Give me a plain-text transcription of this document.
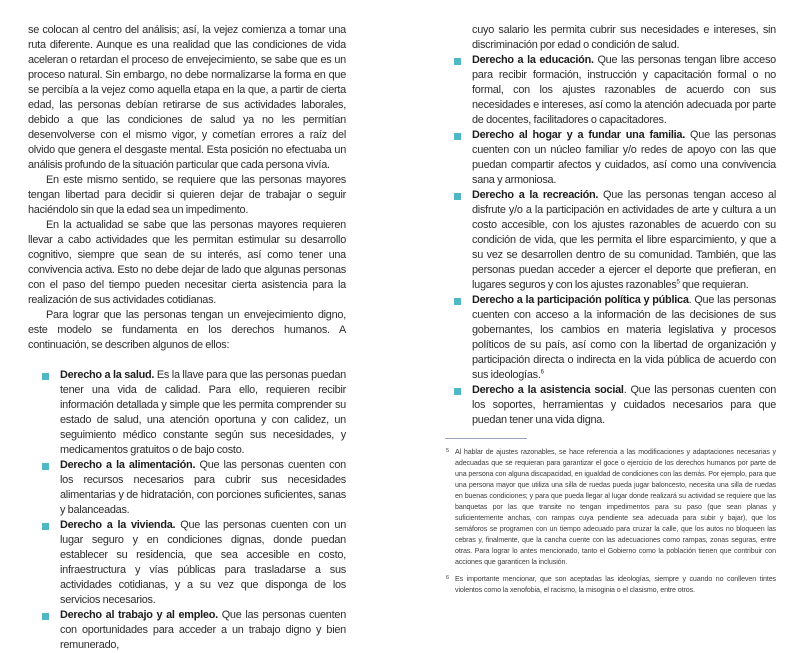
se colocan al centro del análisis; así, la vejez comienza a tomar una ruta diferente. Aunque es una realidad que las condiciones de vida aceleran o retardan el proceso de envejecimiento, se sabe que es un proceso natural. Sin embargo, no debe normalizarse la forma en que se percibía a la vejez como aquella etapa en la que, a partir de cierta edad, las personas debían retirarse de sus actividades laborales, debido a que las condiciones de salud ya no les permitían desenvolverse con el mismo vigor, y cometían errores a raíz del olvido que genera el desgaste mental. Esta posición no efectuaba un análisis profundo de la situación particular que cada persona vivía.

En este mismo sentido, se requiere que las personas mayores tengan libertad para decidir si quieren dejar de trabajar o seguir haciéndolo sin que la edad sea un impedimento.

En la actualidad se sabe que las personas mayores requieren llevar a cabo actividades que les permitan estimular su desarrollo cognitivo, siempre que sean de su interés, así como tener una convivencia activa. Esto no debe dejar de lado que algunas personas con el paso del tiempo pueden necesitar cierta asistencia para la realización de sus actividades cotidianas.

Para lograr que las personas tengan un envejecimiento digno, este modelo se fundamenta en los derechos humanos. A continuación, se describen algunos de ellos:

Derecho a la salud. Es la llave para que las personas puedan tener una vida de calidad. Para ello, requieren recibir información detallada y simple que les permita comprender su estado de salud, una atención oportuna y con calidez, un seguimiento médico constante según sus necesidades, y medicamentos gratuitos o de bajo costo.
Derecho a la alimentación. Que las personas cuenten con los recursos necesarios para cubrir sus necesidades alimentarias y de hidratación, con porciones suficientes, sanas y balanceadas.
Derecho a la vivienda. Que las personas cuenten con un lugar seguro y en condiciones dignas, donde puedan establecer su residencia, que sea accesible en costo, infraestructura y vías públicas para trasladarse a sus actividades cotidianas, y a su vez que disponga de los servicios necesarios.
Derecho al trabajo y al empleo. Que las personas cuenten con oportunidades para acceder a un trabajo digno y bien remunerado,

cuyo salario les permita cubrir sus necesidades e intereses, sin discriminación por edad o condición de salud.

Derecho a la educación. Que las personas tengan libre acceso para recibir formación, instrucción y capacitación formal o no formal, con los ajustes razonables de acuerdo con sus necesidades e intereses, así como la atención adecuada por parte de docentes, facilitadores o capacitadores.
Derecho al hogar y a fundar una familia. Que las personas cuenten con un núcleo familiar y/o redes de apoyo con las que puedan compartir afectos y cuidados, así como una convivencia sana y armoniosa.
Derecho a la recreación. Que las personas tengan acceso al disfrute y/o a la participación en actividades de arte y cultura a un costo accesible, con los ajustes razonables de acuerdo con su condición de vida, que les permita el libre esparcimiento, y que a su vez se desarrollen dentro de su comunidad. También, que las personas puedan acceder a ejercer el deporte que prefieran, en lugares seguros y con los ajustes razonables$^5$ que requieran.
Derecho a la participación política y pública. Que las personas cuenten con acceso a la información de las decisiones de sus gobernantes, los cambios en materia legislativa y procesos políticos de su país, así como con la libertad de organización y participación directa o indirecta en la vida pública de acuerdo con sus ideologías.$^6$
Derecho a la asistencia social. Que las personas cuenten con los soportes, herramientas y cuidados necesarios para que puedan tener una vida digna.
5 Al hablar de ajustes razonables, se hace referencia a las modificaciones y adaptaciones necesarias y adecuadas que se requieran para garantizar el goce o ejercicio de los derechos humanos por parte de una persona con alguna discapacidad, en igualdad de condiciones con las demás. Por ejemplo, para que una persona mayor que utiliza una silla de ruedas pueda jugar baloncesto, necesita una silla de ruedas en buenas condiciones; y para que pueda llegar al lugar donde realizará su actividad se requiere que las banquetas por las que transite no tengan impedimentos para su paso (que sean planas y suficientemente anchas, con rampas cuya pendiente sea adecuada para subir y bajar), que los semáforos se programen con un tiempo adecuado para cruzar la calle, que los autos no bloqueen las cebras y, finalmente, que la cancha cuente con las adecuaciones como rampas, zonas seguras, entre otras. Para lograr lo antes mencionado, tanto el Gobierno como la población tienen que contribuir con acciones que garanticen la inclusión.
6 Es importante mencionar, que son aceptadas las ideologías, siempre y cuando no conlleven tintes violentos como la xenofobia, el racismo, la misoginia o el clasismo, entre otros.
